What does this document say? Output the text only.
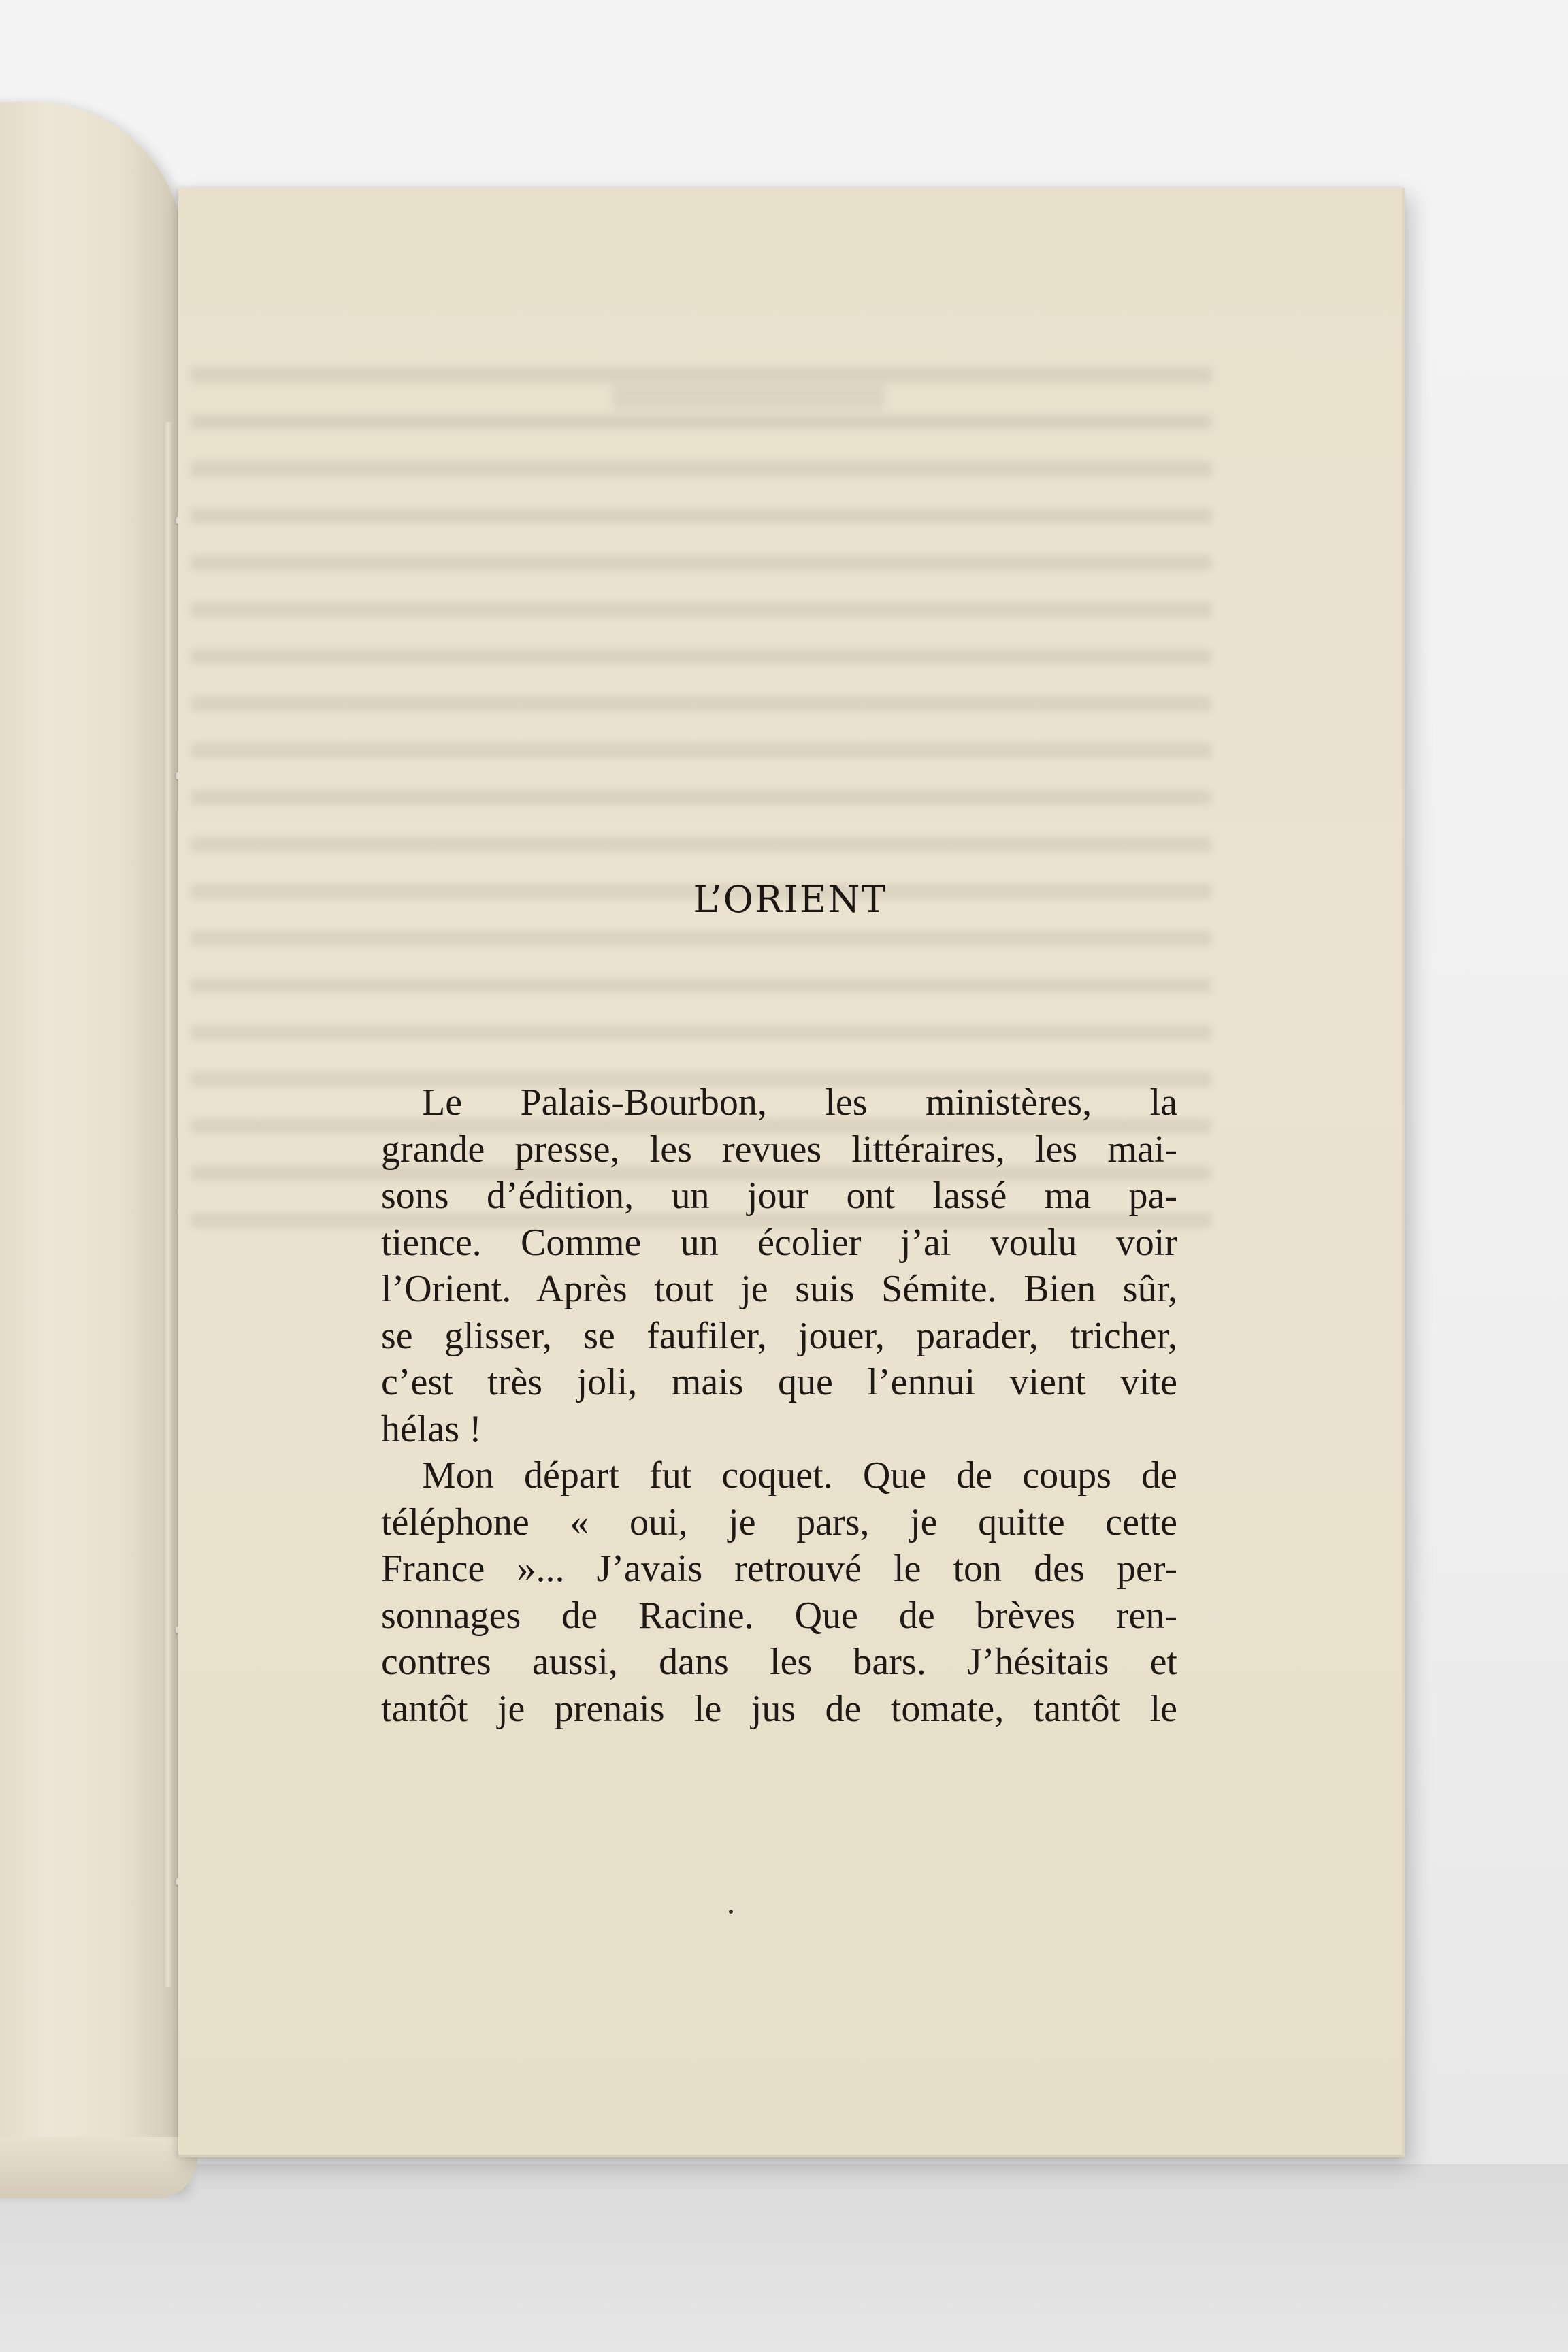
L’ORIENT
Le Palais-Bourbon, les ministères, la
grande presse, les revues littéraires, les mai-
sons d’édition, un jour ont lassé ma pa-
tience. Comme un écolier j’ai voulu voir
l’Orient. Après tout je suis Sémite. Bien sûr,
se glisser, se faufiler, jouer, parader, tricher,
c’est très joli, mais que l’ennui vient vite
hélas !
Mon départ fut coquet. Que de coups de
téléphone « oui, je pars, je quitte cette
France »... J’avais retrouvé le ton des per-
sonnages de Racine. Que de brèves ren-
contres aussi, dans les bars. J’hésitais et
tantôt je prenais le jus de tomate, tantôt le
